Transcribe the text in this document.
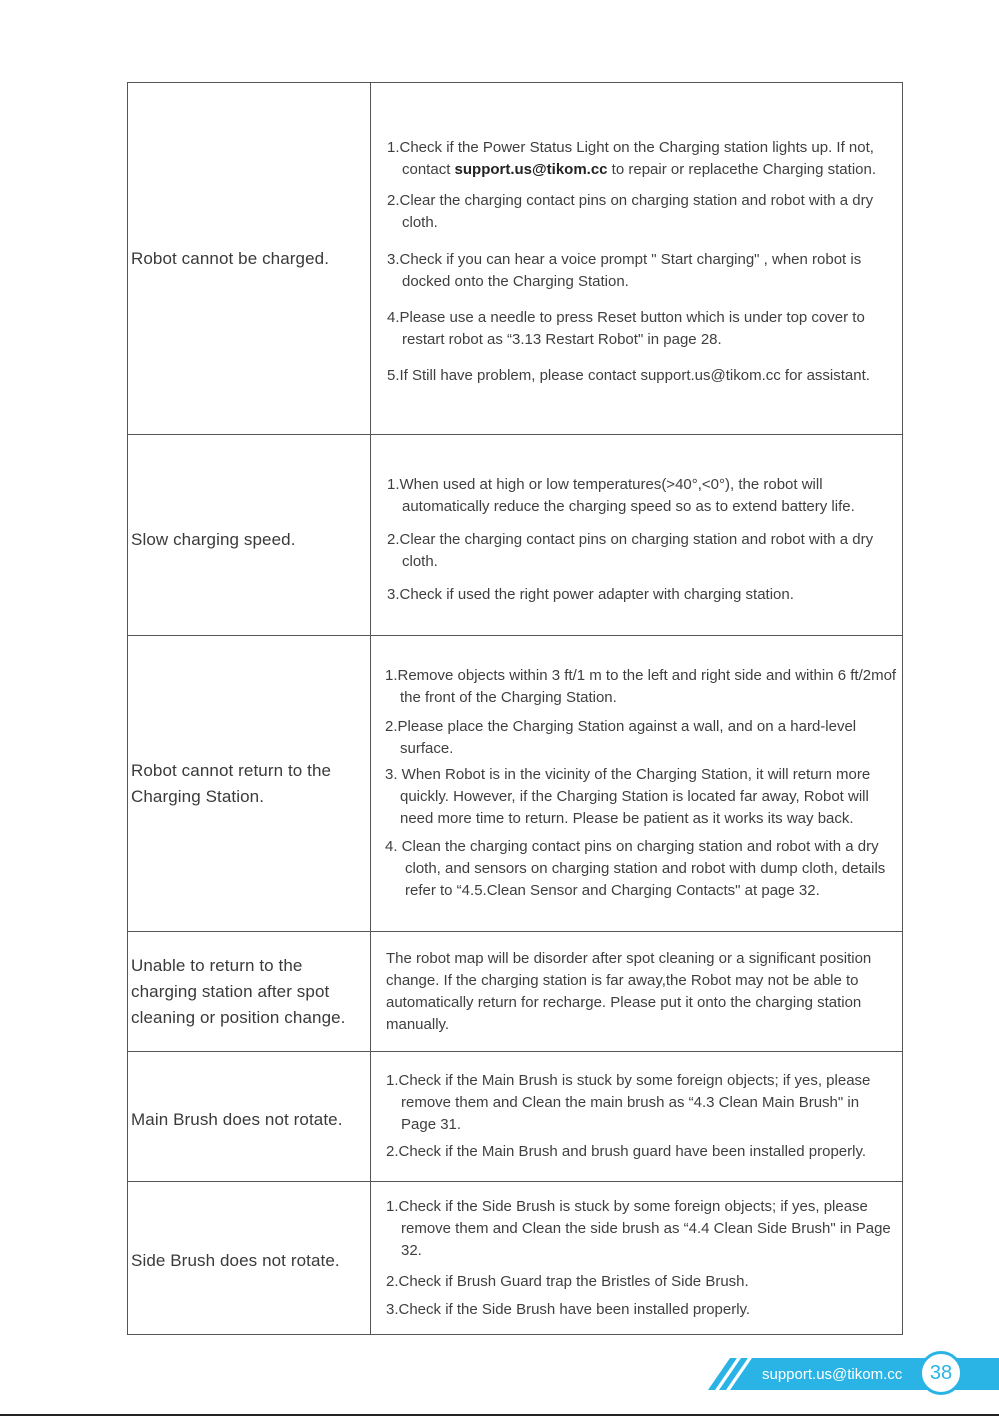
Robot cannot be charged.	1.Check if the Power Status Light on the Charging station lights up. If not, contact support.us@tikom.cc to repair or replacethe Charging station.

2.Clear the charging contact pins on charging station and robot with a dry cloth.

3.Check if you can hear a voice prompt " Start charging" , when robot is docked onto the Charging Station.

4.Please use a needle to press Reset button which is under top cover to restart robot as “3.13 Restart Robot" in page 28.

5.If Still have problem, please contact support.us@tikom.cc for assistant.

Slow charging speed.	1.When used at high or low temperatures(>40°,<0°), the robot will automatically reduce the charging speed so as to extend battery life.

2.Clear the charging contact pins on charging station and robot with a dry cloth.

3.Check if used the right power adapter with charging station.

Robot cannot return to the Charging Station.	1.Remove objects within 3 ft/1 m to the left and right side and within 6 ft/2mof the front of the Charging Station.

2.Please place the Charging Station against a wall, and on a hard-level surface.

3. When Robot is in the vicinity of the Charging Station, it will return more quickly. However, if the Charging Station is located far away, Robot will need more time to return. Please be patient as it works its way back.

4. Clean the charging contact pins on charging station and robot with a dry cloth, and sensors on charging station and robot with dump cloth, details refer to “4.5.Clean Sensor and Charging Contacts" at page 32.

Unable to return to the charging station after spot cleaning or position change.	The robot map will be disorder after spot cleaning or a significant position change. If the charging station is far away,the Robot may not be able to automatically return for recharge. Please put it onto the charging station manually.

Main Brush does not rotate.	1.Check if the Main Brush is stuck by some foreign objects; if yes, please remove them and Clean the main brush as “4.3 Clean Main Brush" in Page 31.

2.Check if the Main Brush and brush guard have been installed properly.

Side Brush does not rotate.	1.Check if the Side Brush is stuck by some foreign objects; if yes, please remove them and Clean the side brush as “4.4 Clean Side Brush" in Page 32.

2.Check if Brush Guard trap the Bristles of Side Brush.

3.Check if the Side Brush have been installed properly.

support.us@tikom.cc	38
